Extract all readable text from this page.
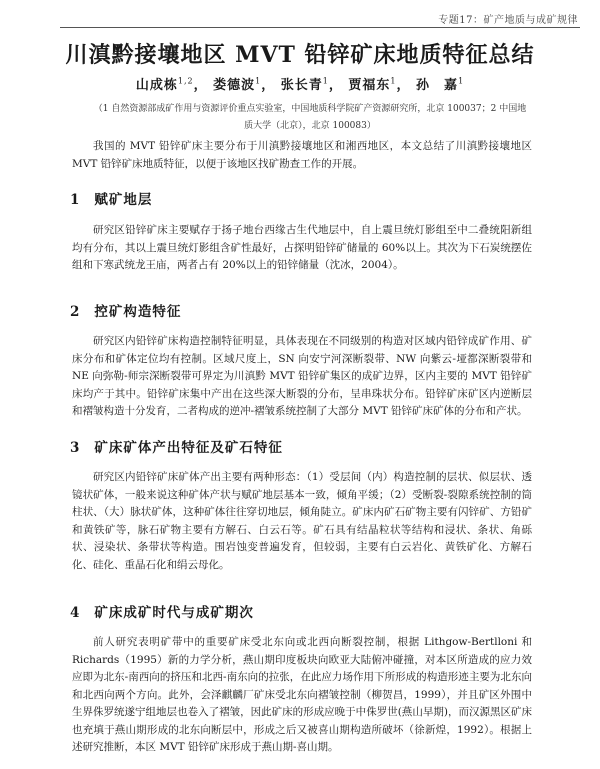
专题17：矿产地质与成矿规律
川滇黔接壤地区 MVT 铅锌矿床地质特征总结
山成栋$^{1,2}$， 娄德波$^1$， 张长青$^1$， 贾福东$^1$， 孙　嘉$^1$
（1 自然资源部成矿作用与资源评价重点实验室，中国地质科学院矿产资源研究所，北京 100037；2 中国地质大学（北京），北京 100083）

我国的 MVT 铅锌矿床主要分布于川滇黔接壤地区和湘西地区，本文总结了川滇黔接壤地区 MVT 铅锌矿床地质特征，以便于该地区找矿勘查工作的开展。

1 赋矿地层

研究区铅锌矿床主要赋存于扬子地台西缘古生代地层中，自上震旦统灯影组至中二叠统阳新组均有分布，其以上震旦统灯影组含矿性最好，占探明铅锌矿储量的 60%以上。其次为下石炭统摆佐组和下寒武统龙王庙，两者占有 20%以上的铅锌储量（沈冰，2004）。

2 控矿构造特征

研究区内铅锌矿床构造控制特征明显，具体表现在不同级别的构造对区域内铅锌成矿作用、矿床分布和矿体定位均有控制。区域尺度上，SN 向安宁河深断裂带、NW 向紫云-垭都深断裂带和 NE 向弥勒-师宗深断裂带可界定为川滇黔 MVT 铅锌矿集区的成矿边界，区内主要的 MVT 铅锌矿床均产于其中。铅锌矿床集中产出在这些深大断裂的分布，呈串珠状分布。铅锌矿床矿区内逆断层和褶皱构造十分发育，二者构成的逆冲-褶皱系统控制了大部分 MVT 铅锌矿床矿体的分布和产状。

3 矿床矿体产出特征及矿石特征

研究区内铅锌矿床矿体产出主要有两种形态：（1）受层间（内）构造控制的层状、似层状、透镜状矿体，一般来说这种矿体产状与赋矿地层基本一致，倾角平缓；（2）受断裂-裂隙系统控制的筒柱状、（大）脉状矿体，这种矿体往往穿切地层，倾角陡立。矿床内矿石矿物主要有闪锌矿、方铅矿和黄铁矿等，脉石矿物主要有方解石、白云石等。矿石具有结晶粒状等结构和浸状、条状、角砾状、浸染状、条带状等构造。围岩蚀变普遍发育，但较弱，主要有白云岩化、黄铁矿化、方解石化、硅化、重晶石化和绢云母化。

4 矿床成矿时代与成矿期次

前人研究表明矿带中的重要矿床受北东向或北西向断裂控制，根据 Lithgow-Bertlloni 和 Richards（1995）新的力学分析，燕山期印度板块向欧亚大陆俯冲碰撞，对本区所造成的应力效应即为北东-南西向的挤压和北西-南东向的拉张，在此应力场作用下所形成的构造形迹主要为北东向和北西向两个方向。此外，会泽麒麟厂矿床受北东向褶皱控制（柳贺昌，1999），并且矿区外围中生界侏罗统遂宁组地层也卷入了褶皱，因此矿床的形成应晚于中侏罗世(燕山早期)，而汉源黑区矿床也充填于燕山期形成的北东向断层中，形成之后又被喜山期构造所破坏（徐新煌，1992）。根据上述研究推断，本区 MVT 铅锌矿床形成于燕山期-喜山期。
